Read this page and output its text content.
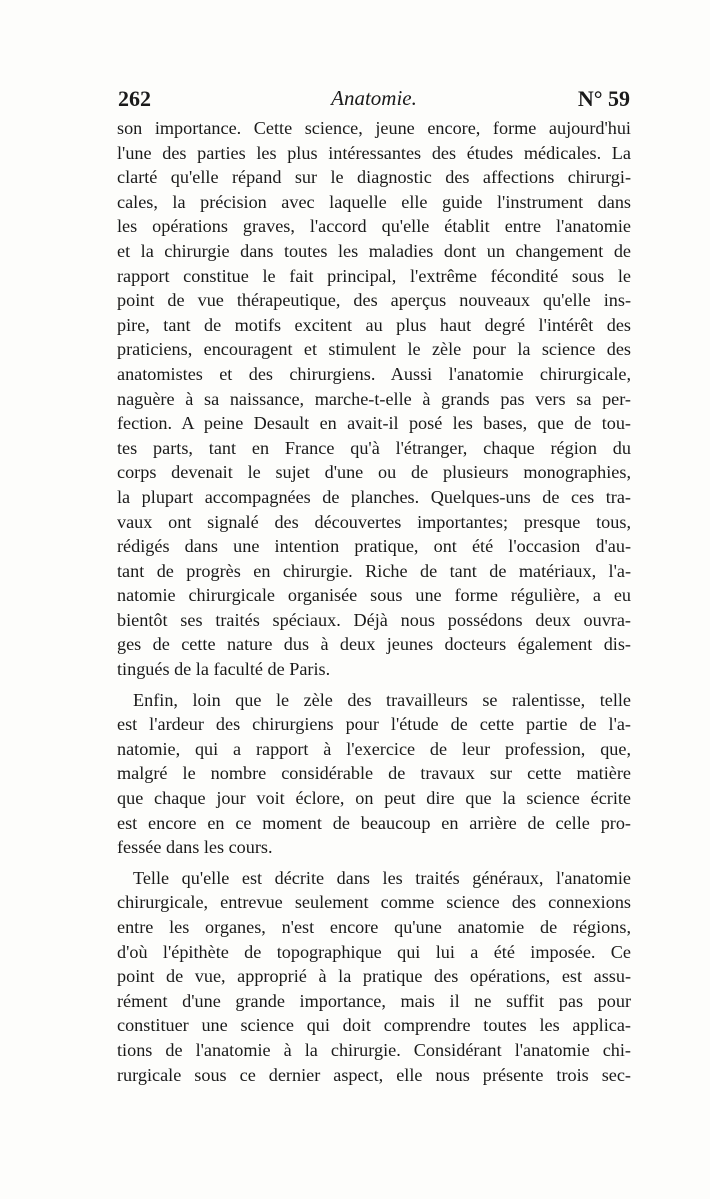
262	Anatomie.	N° 59
son importance. Cette science, jeune encore, forme aujourd'hui
l'une des parties les plus intéressantes des études médicales. La
clarté qu'elle répand sur le diagnostic des affections chirurgi-
cales, la précision avec laquelle elle guide l'instrument dans
les opérations graves, l'accord qu'elle établit entre l'anatomie
et la chirurgie dans toutes les maladies dont un changement de
rapport constitue le fait principal, l'extrême fécondité sous le
point de vue thérapeutique, des aperçus nouveaux qu'elle ins-
pire, tant de motifs excitent au plus haut degré l'intérêt des
praticiens, encouragent et stimulent le zèle pour la science des
anatomistes et des chirurgiens. Aussi l'anatomie chirurgicale,
naguère à sa naissance, marche-t-elle à grands pas vers sa per-
fection. A peine Desault en avait-il posé les bases, que de tou-
tes parts, tant en France qu'à l'étranger, chaque région du
corps devenait le sujet d'une ou de plusieurs monographies,
la plupart accompagnées de planches. Quelques-uns de ces tra-
vaux ont signalé des découvertes importantes; presque tous,
rédigés dans une intention pratique, ont été l'occasion d'au-
tant de progrès en chirurgie. Riche de tant de matériaux, l'a-
natomie chirurgicale organisée sous une forme régulière, a eu
bientôt ses traités spéciaux. Déjà nous possédons deux ouvra-
ges de cette nature dus à deux jeunes docteurs également dis-
tingués de la faculté de Paris.
Enfin, loin que le zèle des travailleurs se ralentisse, telle
est l'ardeur des chirurgiens pour l'étude de cette partie de l'a-
natomie, qui a rapport à l'exercice de leur profession, que,
malgré le nombre considérable de travaux sur cette matière
que chaque jour voit éclore, on peut dire que la science écrite
est encore en ce moment de beaucoup en arrière de celle pro-
fessée dans les cours.
Telle qu'elle est décrite dans les traités généraux, l'anatomie
chirurgicale, entrevue seulement comme science des connexions
entre les organes, n'est encore qu'une anatomie de régions,
d'où l'épithète de topographique qui lui a été imposée. Ce
point de vue, approprié à la pratique des opérations, est assu-
rément d'une grande importance, mais il ne suffit pas pour
constituer une science qui doit comprendre toutes les applica-
tions de l'anatomie à la chirurgie. Considérant l'anatomie chi-
rurgicale sous ce dernier aspect, elle nous présente trois sec-
